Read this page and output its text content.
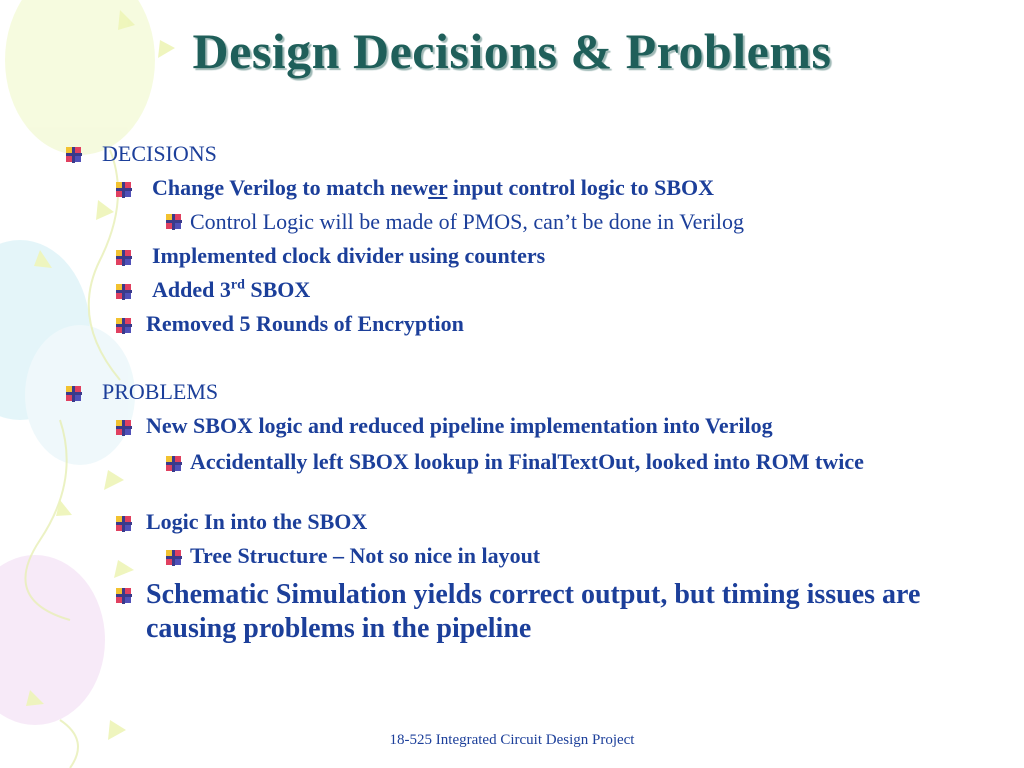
Design Decisions & Problems
DECISIONS
Change Verilog to match newer input control logic to SBOX
Control Logic will be made of PMOS, can’t be done in Verilog
Implemented clock divider using counters
Added 3rd SBOX
Removed 5 Rounds of Encryption
PROBLEMS
New SBOX logic and reduced pipeline implementation into Verilog
Accidentally left SBOX lookup in FinalTextOut, looked into ROM twice
Logic In into the SBOX
Tree Structure – Not so nice in layout
Schematic Simulation yields correct output, but timing issues are causing problems in the pipeline
18-525 Integrated Circuit Design Project
